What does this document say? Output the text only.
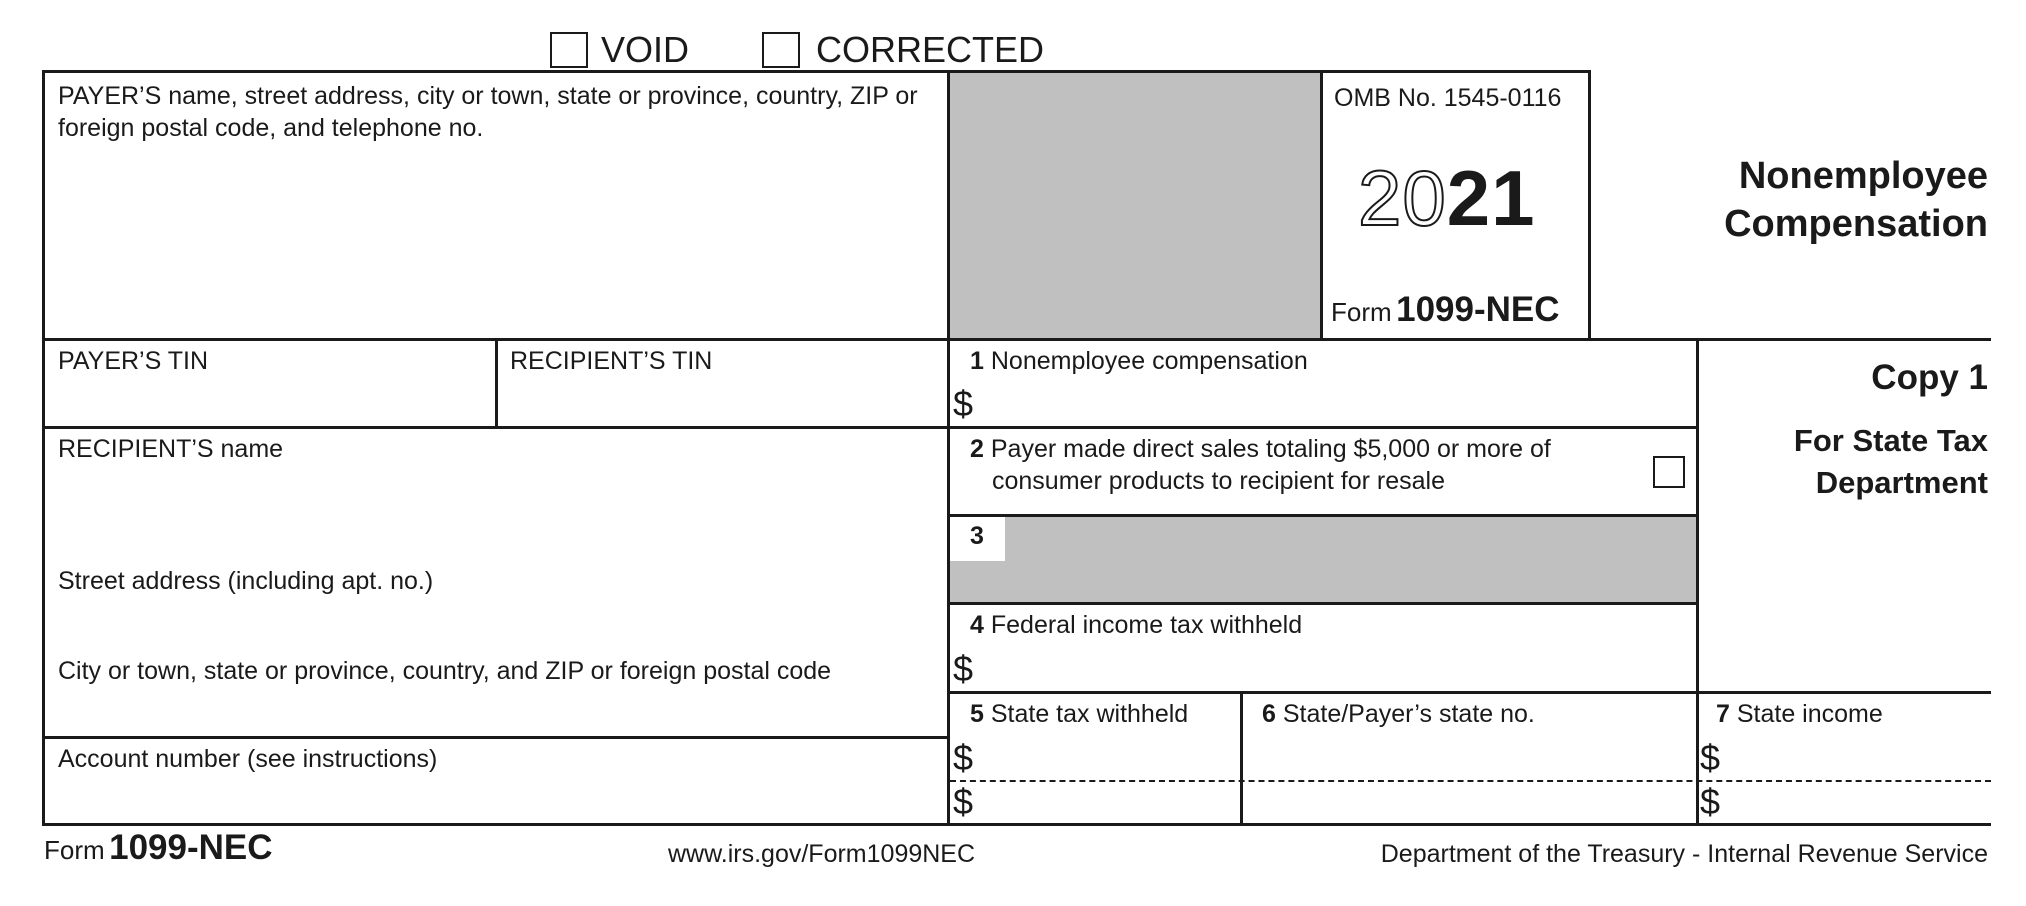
VOID	CORRECTED
PAYER’S name, street address, city or town, state or province, country, ZIP or foreign postal code, and telephone no.
OMB No. 1545-0116
2021
Form 1099-NEC
Nonemployee
Compensation
PAYER’S TIN	RECIPIENT’S TIN
RECIPIENT’S name
Street address (including apt. no.)
City or town, state or province, country, and ZIP or foreign postal code
Account number (see instructions)
1 Nonemployee compensation
$
2 Payer made direct sales totaling $5,000 or more of
consumer products to recipient for resale
3
4 Federal income tax withheld
$
5 State tax withheld
$
$
6 State/Payer’s state no.	7 State income
$
$
Copy 1
For State Tax
Department
Form 1099-NEC	www.irs.gov/Form1099NEC	Department of the Treasury - Internal Revenue Service
